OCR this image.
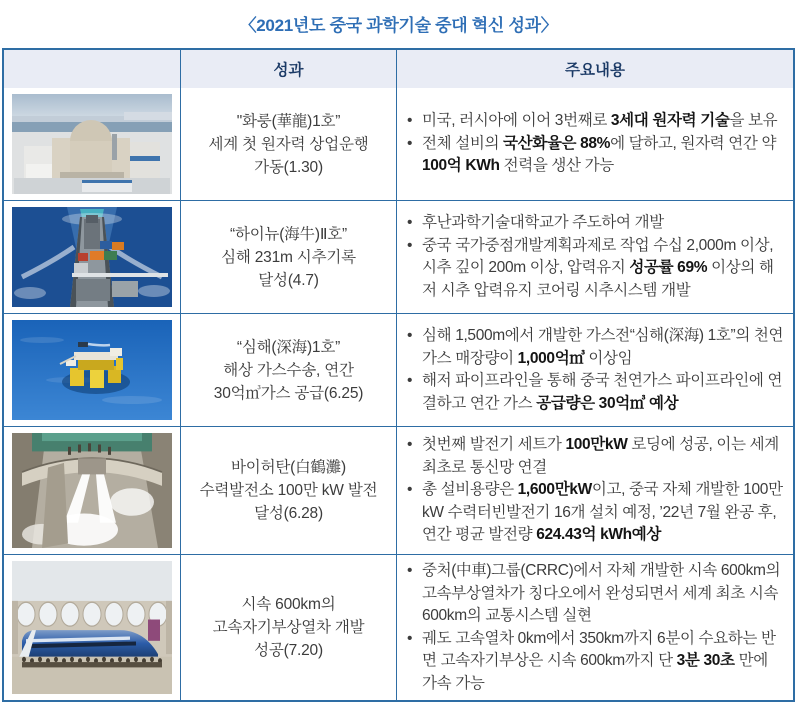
〈2021년도 중국 과학기술 중대 혁신 성과〉
성과	주요내용
"화룽(華龍)1호”
세계 첫 원자력 상업운행
가동(1.30)
• 미국, 러시아에 이어 3번째로 3세대 원자력 기술을 보유
• 전체 설비의 국산화율은 88%에 달하고, 원자력 연간 약 100억 KWh 전력을 생산 가능
“하이뉴(海牛)Ⅱ호”
심해 231m 시추기록
달성(4.7)
• 후난과학기술대학교가 주도하여 개발
• 중국 국가중점개발계획과제로 작업 수십 2,000m 이상, 시추 깊이 200m 이상, 압력유지 성공률 69% 이상의 해저 시추 압력유지 코어링 시추시스템 개발
“심해(深海)1호”
해상 가스수송, 연간
30억㎥가스 공급(6.25)
• 심해 1,500m에서 개발한 가스전“심해(深海) 1호”의 천연가스 매장량이 1,000억㎥ 이상임
• 해저 파이프라인을 통해 중국 천연가스 파이프라인에 연결하고 연간 가스 공급량은 30억㎥ 예상
바이허탄(白鶴灘)
수력발전소 100만 kW 발전
달성(6.28)
• 첫번째 발전기 세트가 100만kW 로딩에 성공, 이는 세계 최초로 통신망 연결
• 총 설비용량은 1,600만kW이고, 중국 자체 개발한 100만kW 수력터빈발전기 16개 설치 예정, ’22년 7월 완공 후, 연간 평균 발전량 624.43억 kWh예상
시속 600km의
고속자기부상열차 개발
성공(7.20)
• 중처(中車)그룹(CRRC)에서 자체 개발한 시속 600km의 고속부상열차가 칭다오에서 완성되면서 세계 최초 시속 600km의 교통시스템 실현
• 궤도 고속열차 0km에서 350km까지 6분이 수요하는 반면 고속자기부상은 시속 600km까지 단 3분 30초 만에 가속 가능
